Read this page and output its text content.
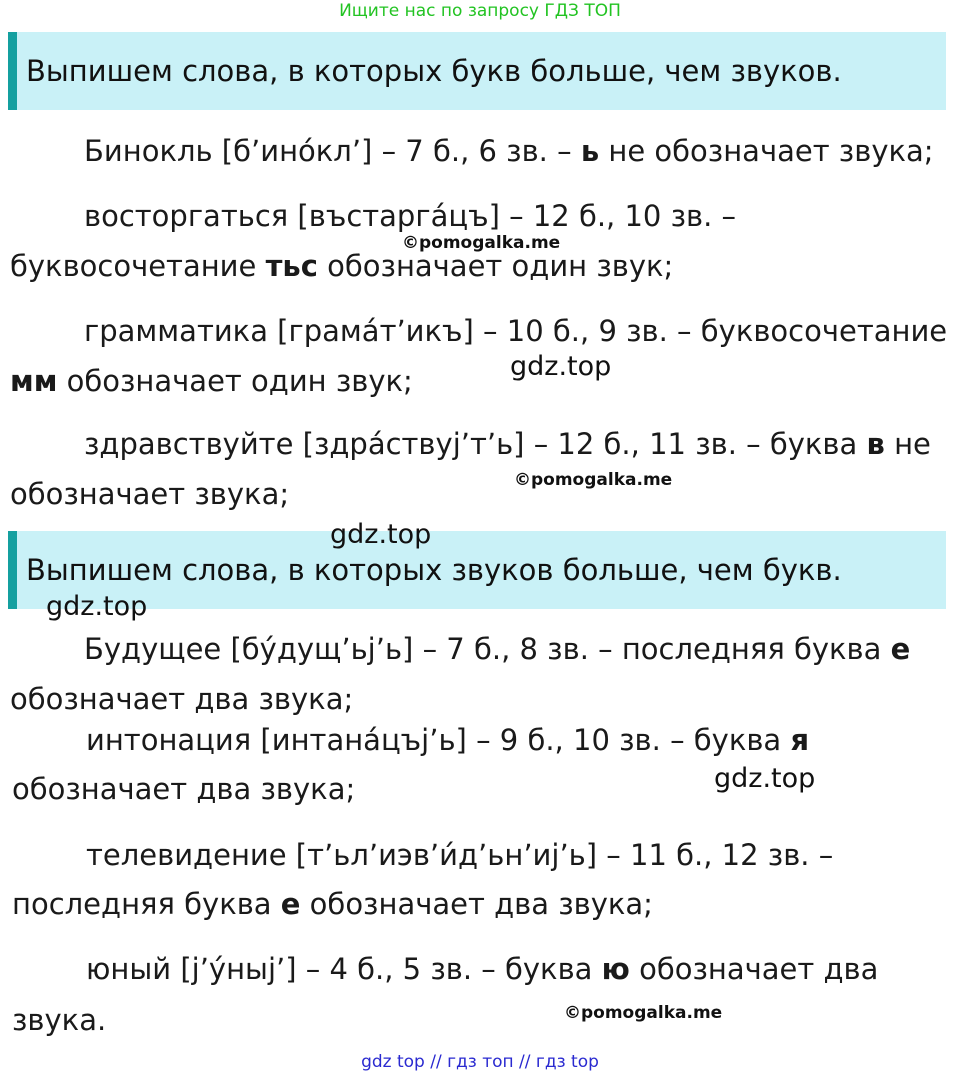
Ищите нас по запросу ГДЗ ТОП
Выпишем слова, в которых букв больше, чем звуков.
Бинокль [б’ино́кл’] – 7 б., 6 зв. – ь не обозначает звука;
восторгаться [въстарга́цъ] – 12 б., 10 зв. –
буквосочетание тьс обозначает один звук;
грамматика [грама́т’икъ] – 10 б., 9 зв. – буквосочетание
мм обозначает один звук;
здравствуйте [здра́ствуj’т’ь] – 12 б., 11 зв. – буква в не
обозначает звука;
Выпишем слова, в которых звуков больше, чем букв.
Будущее [бу́дущ’ьj’ь] – 7 б., 8 зв. – последняя буква е
обозначает два звука;
интонация [интана́цъj’ь] – 9 б., 10 зв. – буква я
обозначает два звука;
телевидение [т’ьл’иэв’и́д’ьн’иj’ь] – 11 б., 12 зв. –
последняя буква е обозначает два звука;
юный [j’у́ныj’] – 4 б., 5 зв. – буква ю обозначает два
звука.
©pomogalka.me
gdz.top
©pomogalka.me
gdz.top
gdz.top
gdz.top
©pomogalka.me
gdz top // гдз топ // гдз top
